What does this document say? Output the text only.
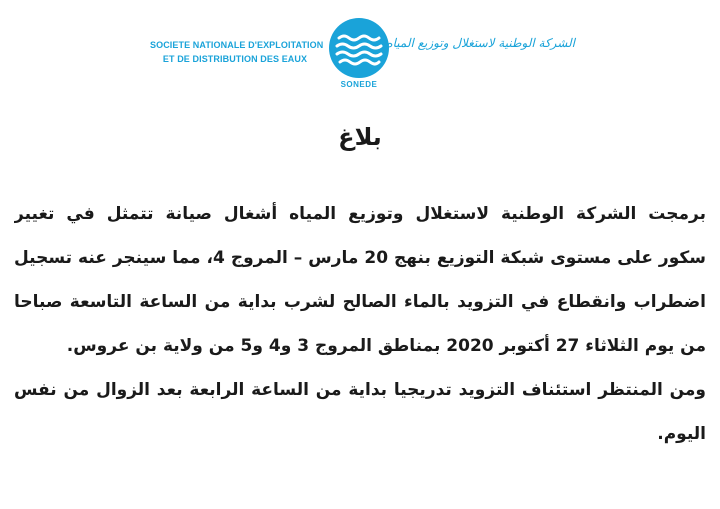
SOCIETE NATIONALE D'EXPLOITATION
ET DE DISTRIBUTION DES EAUX
SONEDE
الشركة الوطنية لاستغلال وتوزيع المياه
بلاغ
برمجت الشركة الوطنية لاستغلال وتوزيع المياه أشغال صيانة تتمثل في تغيير
سكور على مستوى شبكة التوزيع بنهج 20 مارس – المروج 4، مما سينجر عنه تسجيل
اضطراب وانقطاع في التزويد بالماء الصالح لشرب بداية من الساعة التاسعة صباحا
من يوم الثلاثاء 27 أكتوبر 2020 بمناطق المروج 3 و4 و5 من ولاية بن عروس.
ومن المنتظر استئناف التزويد تدريجيا بداية من الساعة الرابعة بعد الزوال من نفس
اليوم.
